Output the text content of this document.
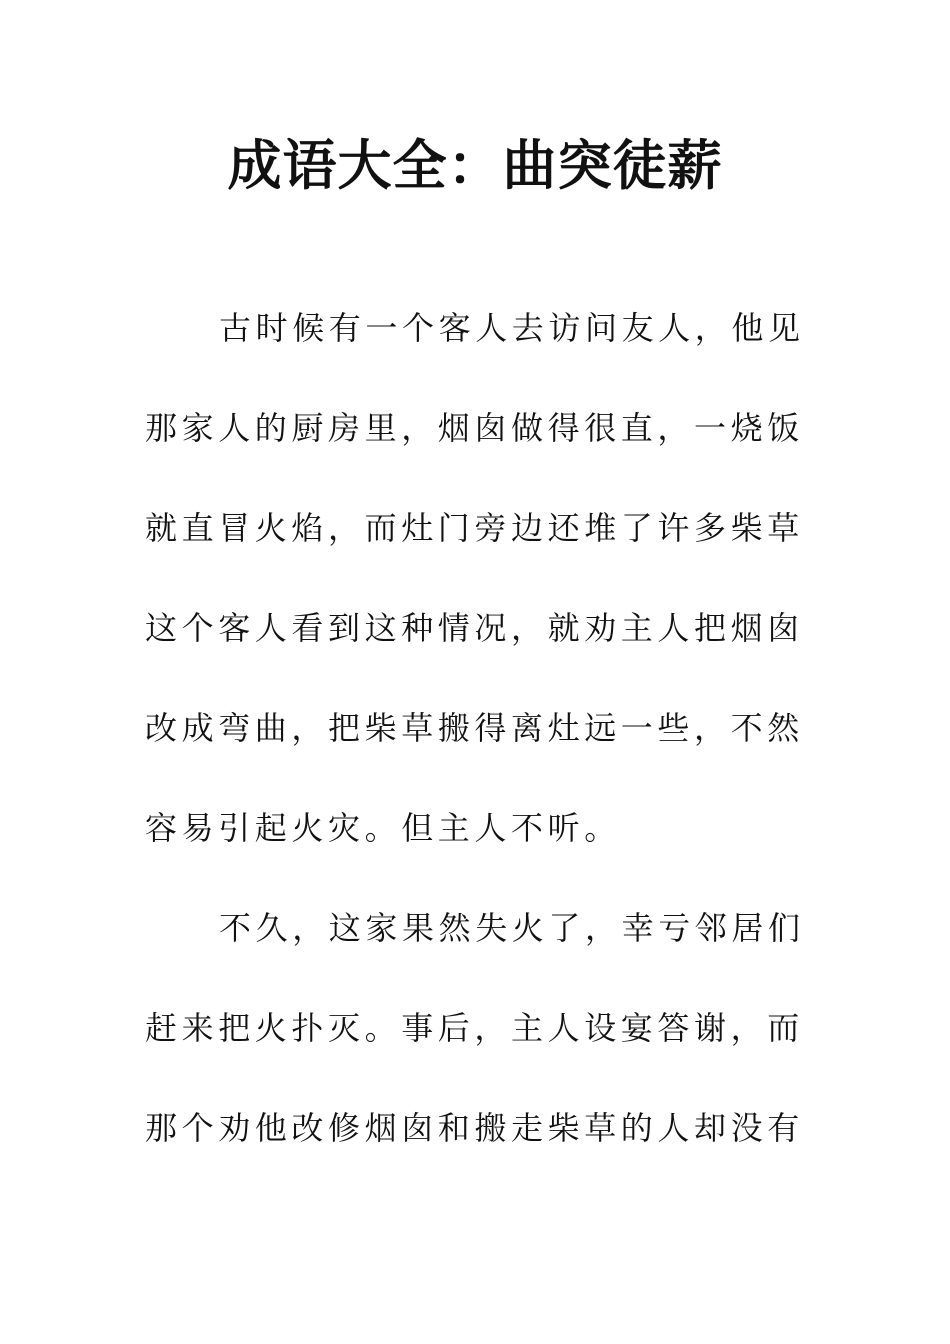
成语大全：曲突徒薪
古时候有一个客人去访问友人，他见
那家人的厨房里，烟囱做得很直，一烧饭
就直冒火焰，而灶门旁边还堆了许多柴草
这个客人看到这种情况，就劝主人把烟囱
改成弯曲，把柴草搬得离灶远一些，不然
容易引起火灾。但主人不听。
不久，这家果然失火了，幸亏邻居们
赶来把火扑灭。事后，主人设宴答谢，而
那个劝他改修烟囱和搬走柴草的人却没有
